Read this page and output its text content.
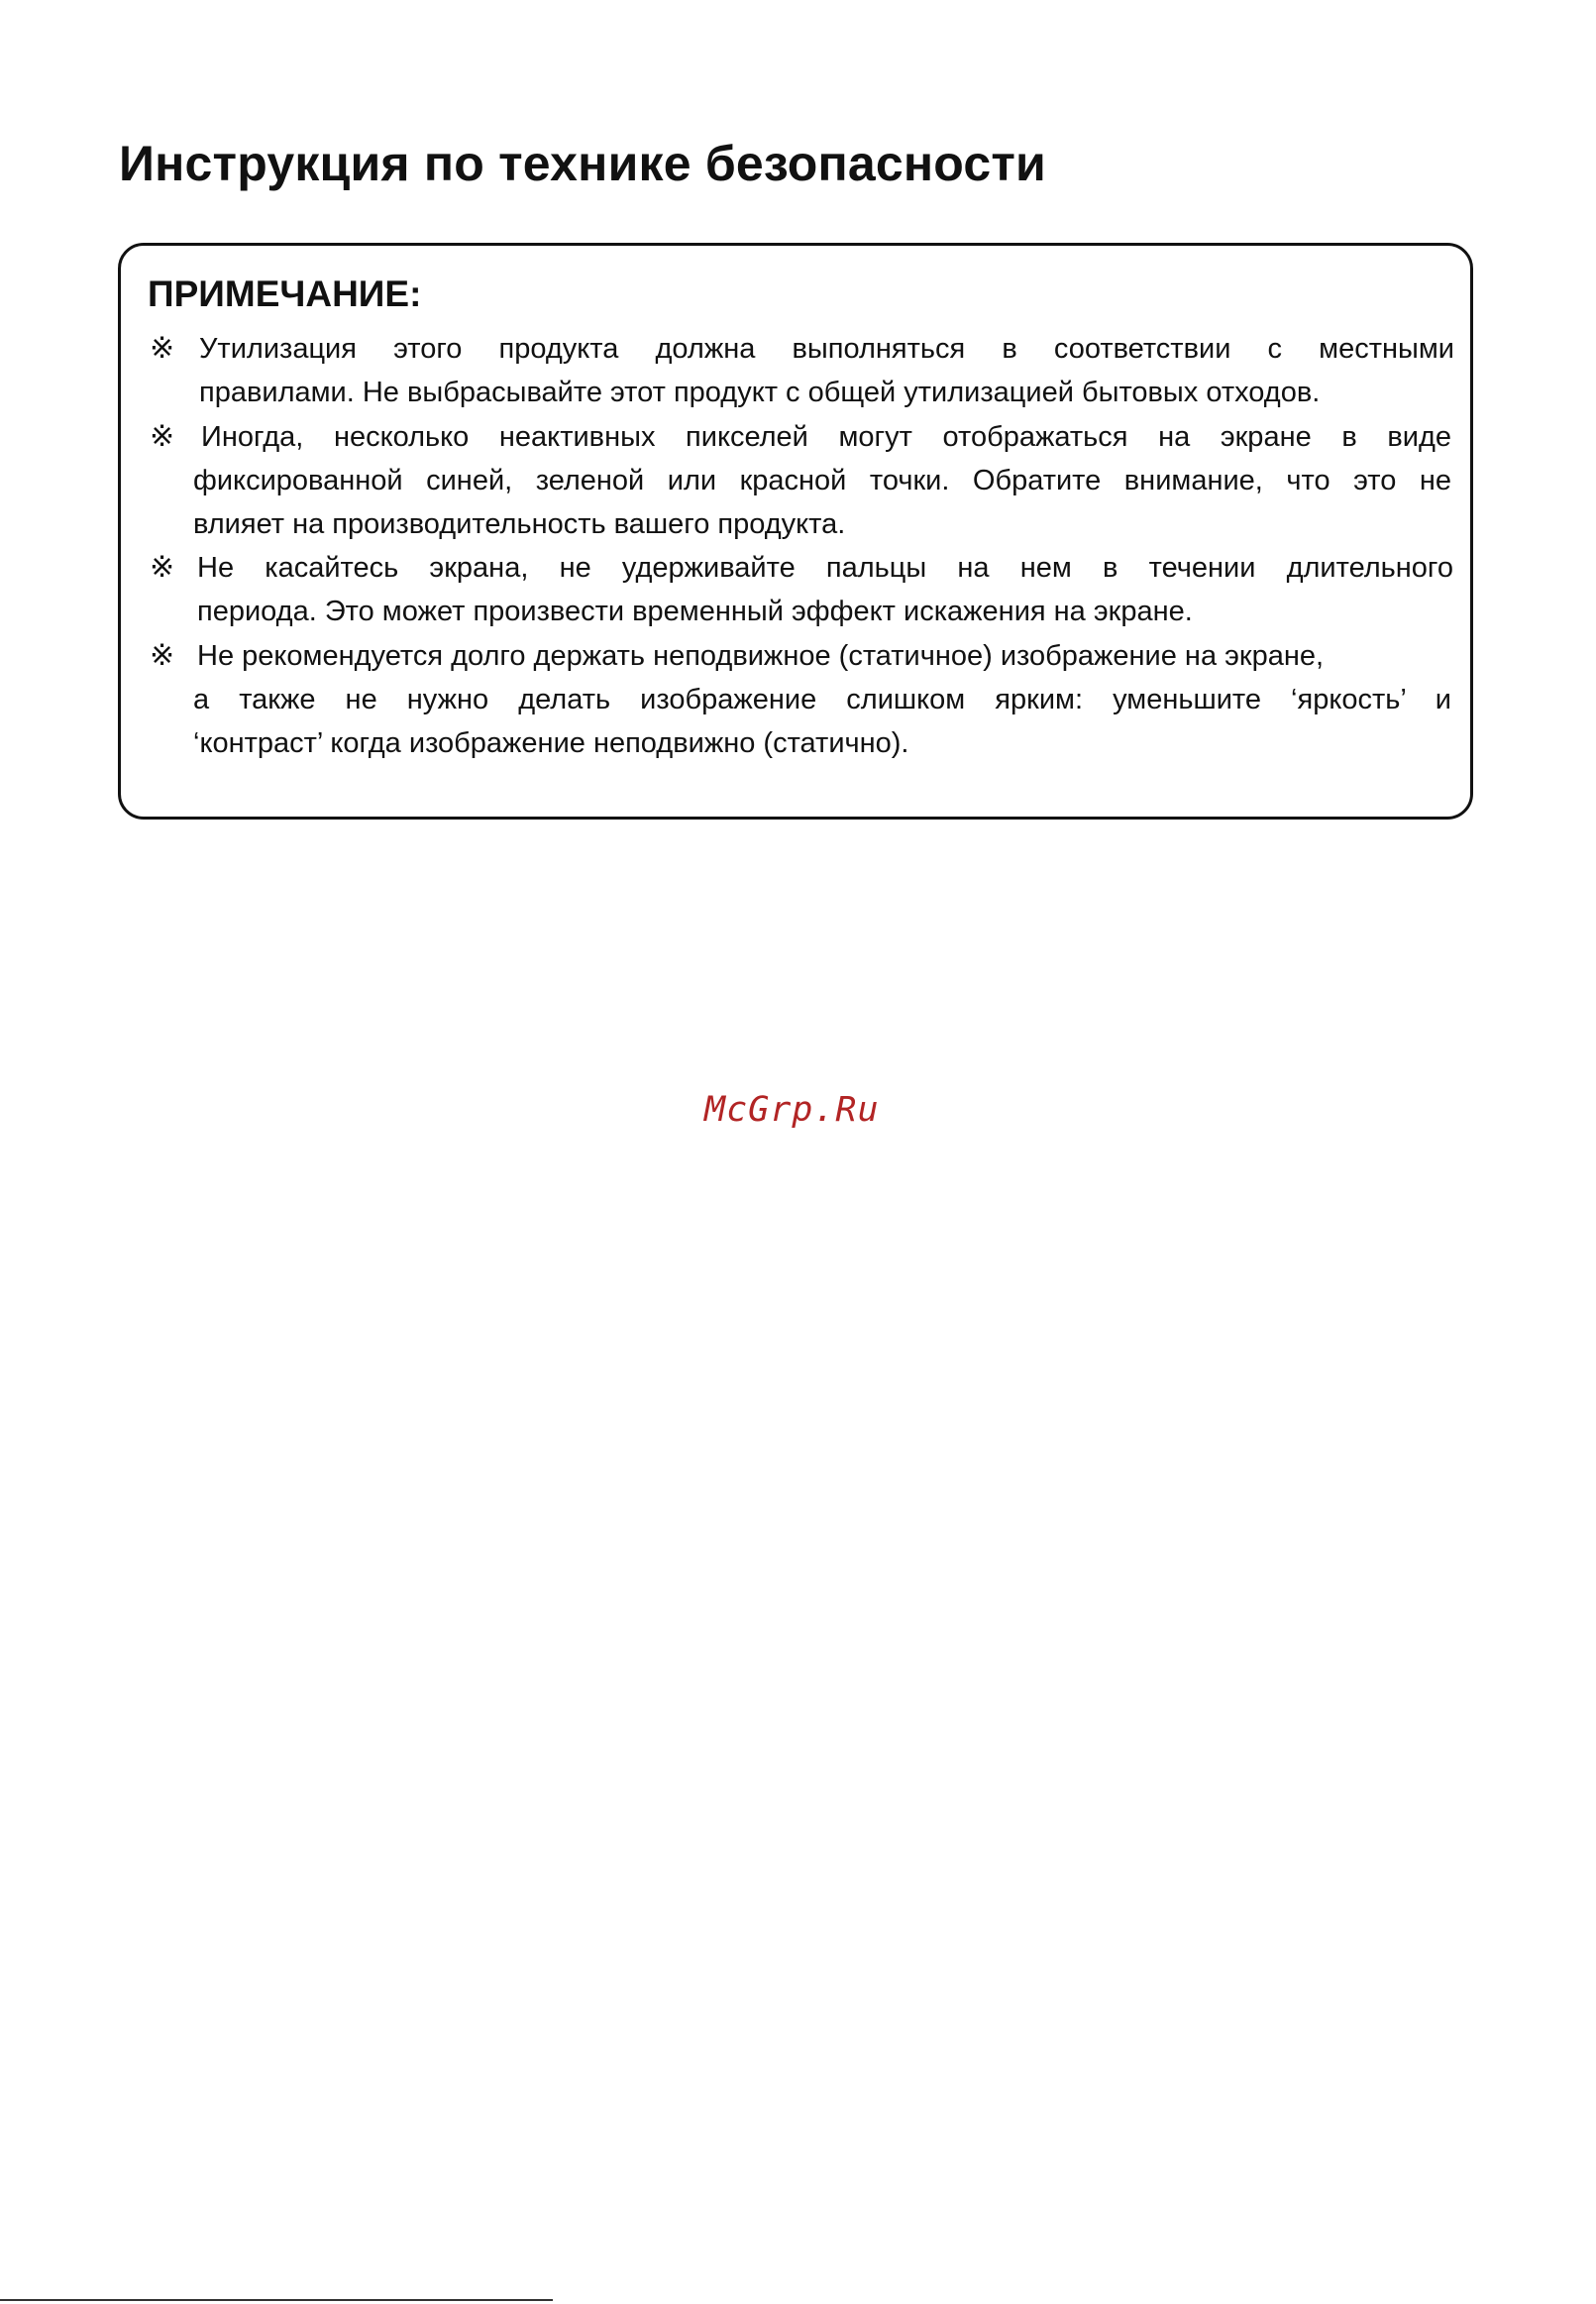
Инструкция по технике безопасности
ПРИМЕЧАНИЕ:
※ Утилизация этого продукта должна выполняться в соответствии с местными
правилами. Не выбрасывайте этот продукт с общей утилизацией бытовых отходов.
※ Иногда, несколько неактивных пикселей могут отображаться на экране в виде
фиксированной синей, зеленой или красной точки. Обратите внимание, что это не
влияет на производительность вашего продукта.
※ Не касайтесь экрана, не удерживайте пальцы на нем в течении длительного
периода. Это может произвести временный эффект искажения на экране.
※ Не рекомендуется долго держать неподвижное (статичное) изображение на экране,
а также не нужно делать изображение слишком ярким: уменьшите ‘яркость’ и
‘контраст’ когда изображение неподвижно (статично).
McGrp.Ru
